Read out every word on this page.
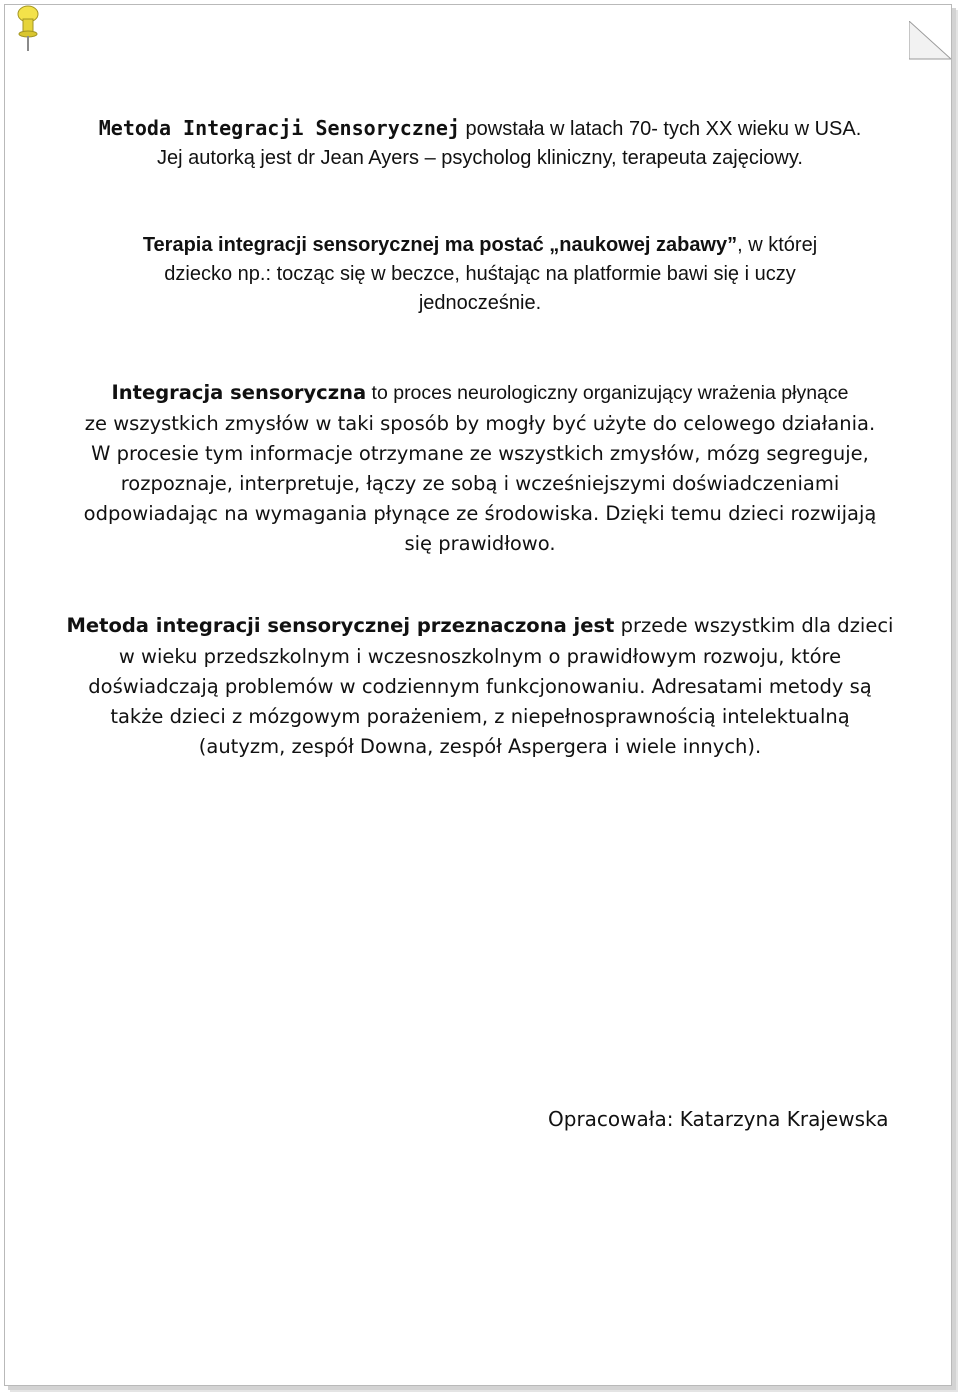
Metoda Integracji Sensorycznej powstała w latach 70- tych XX wieku w USA.

Jej autorką jest dr Jean Ayers – psycholog kliniczny, terapeuta zajęciowy.

Terapia integracji sensorycznej ma postać „naukowej zabawy”, w której

dziecko np.: tocząc się w beczce, huśtając na platformie bawi się i uczy

jednocześnie.

Integracja sensoryczna to proces neurologiczny organizujący wrażenia płynące

ze wszystkich zmysłów w taki sposób by mogły być użyte do celowego działania.

W procesie tym informacje otrzymane ze wszystkich zmysłów, mózg segreguje,

rozpoznaje, interpretuje, łączy ze sobą i wcześniejszymi doświadczeniami

odpowiadając na wymagania płynące ze środowiska. Dzięki temu dzieci rozwijają

się prawidłowo.

Metoda integracji sensorycznej przeznaczona jest przede wszystkim dla dzieci

w wieku przedszkolnym i wczesnoszkolnym o prawidłowym rozwoju, które

doświadczają problemów w codziennym funkcjonowaniu. Adresatami metody są

także dzieci z mózgowym porażeniem, z niepełnosprawnością intelektualną

(autyzm, zespół Downa, zespół Aspergera i wiele innych).

Opracowała: Katarzyna Krajewska
